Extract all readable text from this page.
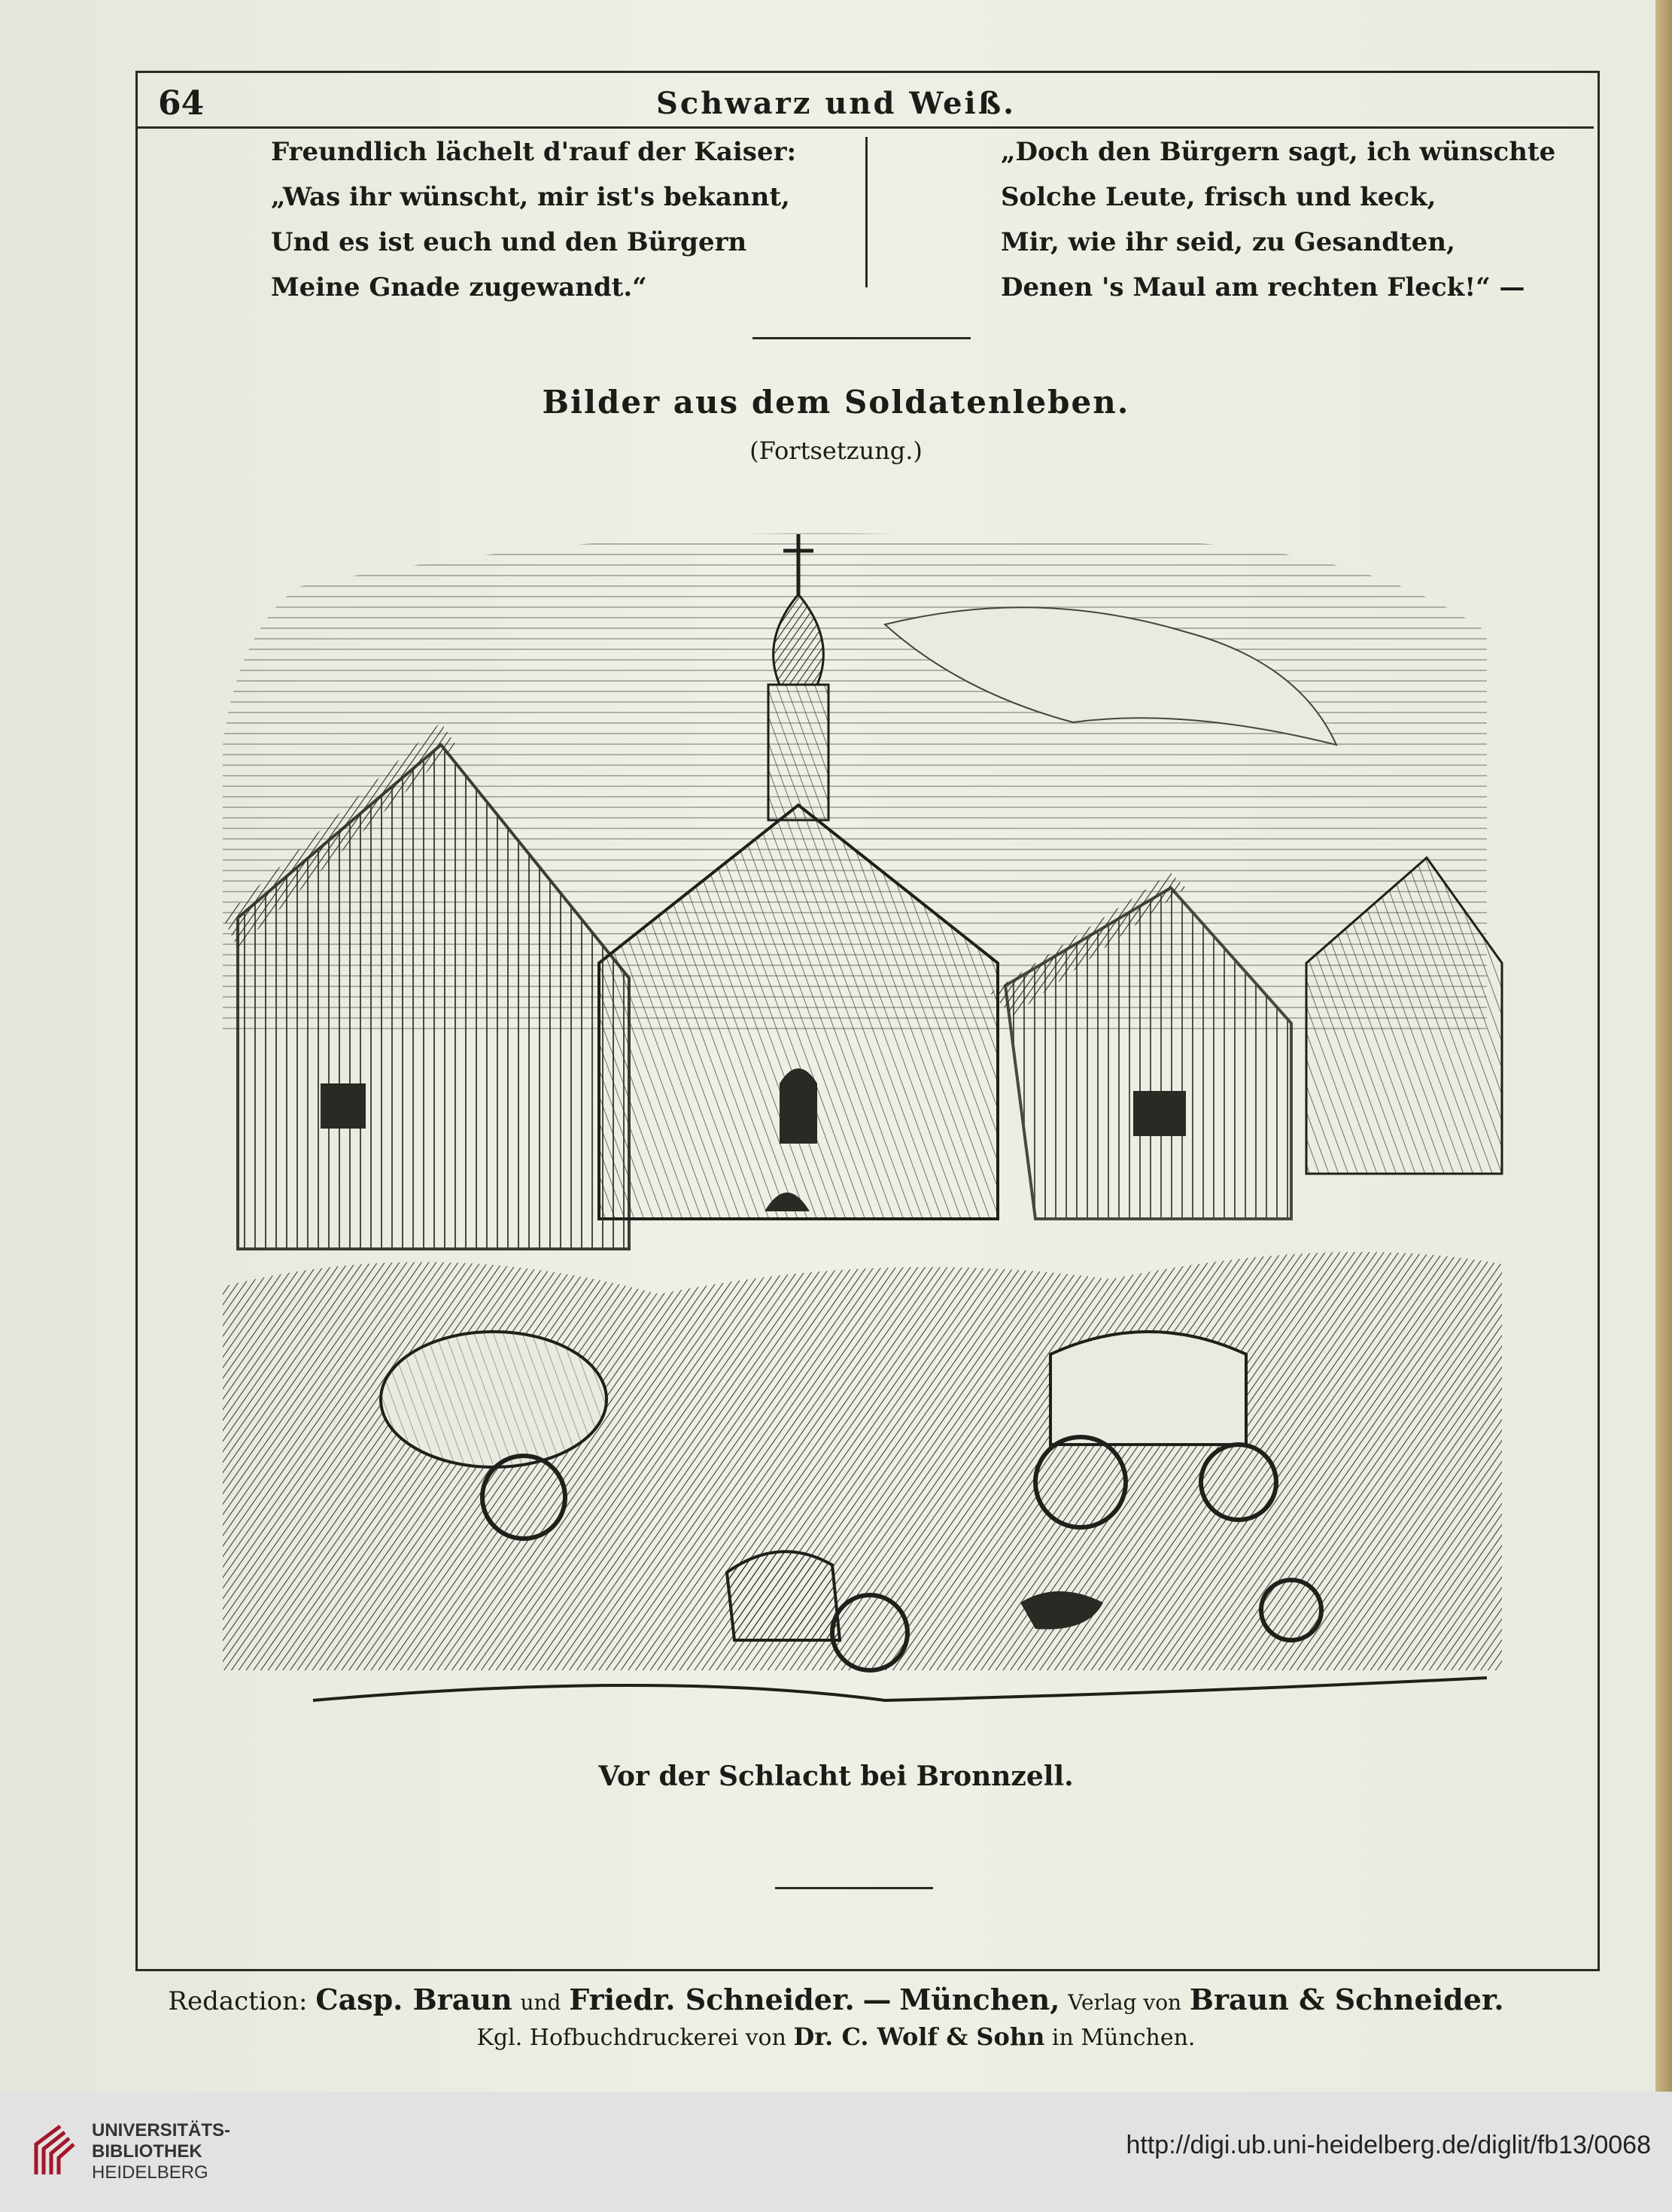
64	Schwarz und Weiß.
Freundlich lächelt d'rauf der Kaiser:
„Was ihr wünscht, mir ist's bekannt,
Und es ist euch und den Bürgern
Meine Gnade zugewandt.“
„Doch den Bürgern sagt, ich wünschte
Solche Leute, frisch und keck,
Mir, wie ihr seid, zu Gesandten,
Denen 's Maul am rechten Fleck!“ —
Bilder aus dem Soldatenleben.
(Fortsetzung.)
Vor der Schlacht bei Bronnzell.
Redaction: Casp. Braun und Friedr. Schneider. — München, Verlag von Braun & Schneider.
Kgl. Hofbuchdruckerei von Dr. C. Wolf & Sohn in München.
UNIVERSITÄTS-
BIBLIOTHEK
HEIDELBERG
http://digi.ub.uni-heidelberg.de/diglit/fb13/0068
